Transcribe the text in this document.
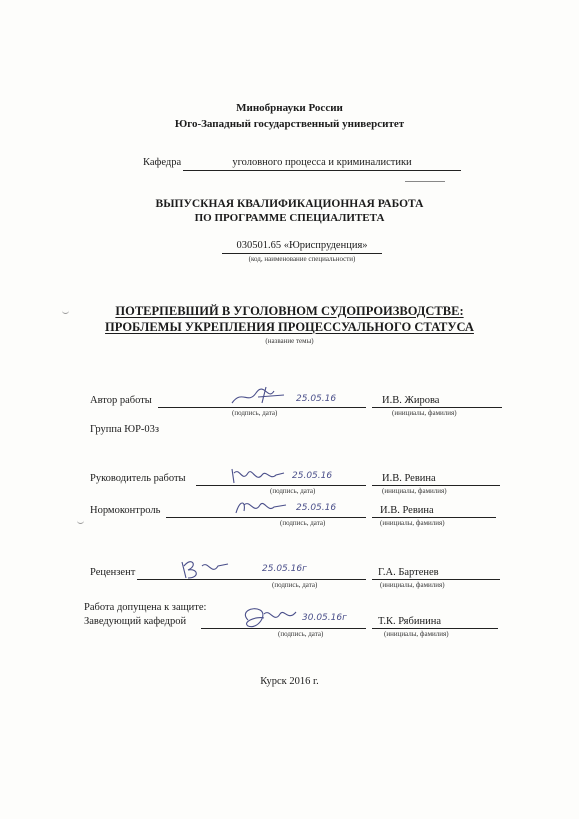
Минобрнауки России
Юго-Западный государственный университет
Кафедра	уголовного процесса и криминалистики
ВЫПУСКНАЯ КВАЛИФИКАЦИОННАЯ РАБОТА
ПО ПРОГРАММЕ СПЕЦИАЛИТЕТА
030501.65 «Юриспруденция»
(код, наименование специальности)
ПОТЕРПЕВШИЙ В УГОЛОВНОМ СУДОПРОИЗВОДСТВЕ:
ПРОБЛЕМЫ УКРЕПЛЕНИЯ ПРОЦЕССУАЛЬНОГО СТАТУСА
(название темы)
Автор работы	25.05.16
(подпись, дата)
И.В. Жирова
(инициалы, фамилия)
Группа ЮР-03з
Руководитель работы	25.05.16
(подпись, дата)
И.В. Ревина
(инициалы, фамилия)
Нормоконтроль	25.05.16
(подпись, дата)
И.В. Ревина
(инициалы, фамилия)
Рецензент	25.05.16г
(подпись, дата)
Г.А. Бартенев
(инициалы, фамилия)
Работа допущена к защите:
Заведующий кафедрой	30.05.16г
(подпись, дата)
Т.К. Рябинина
(инициалы, фамилия)
Курск 2016 г.
